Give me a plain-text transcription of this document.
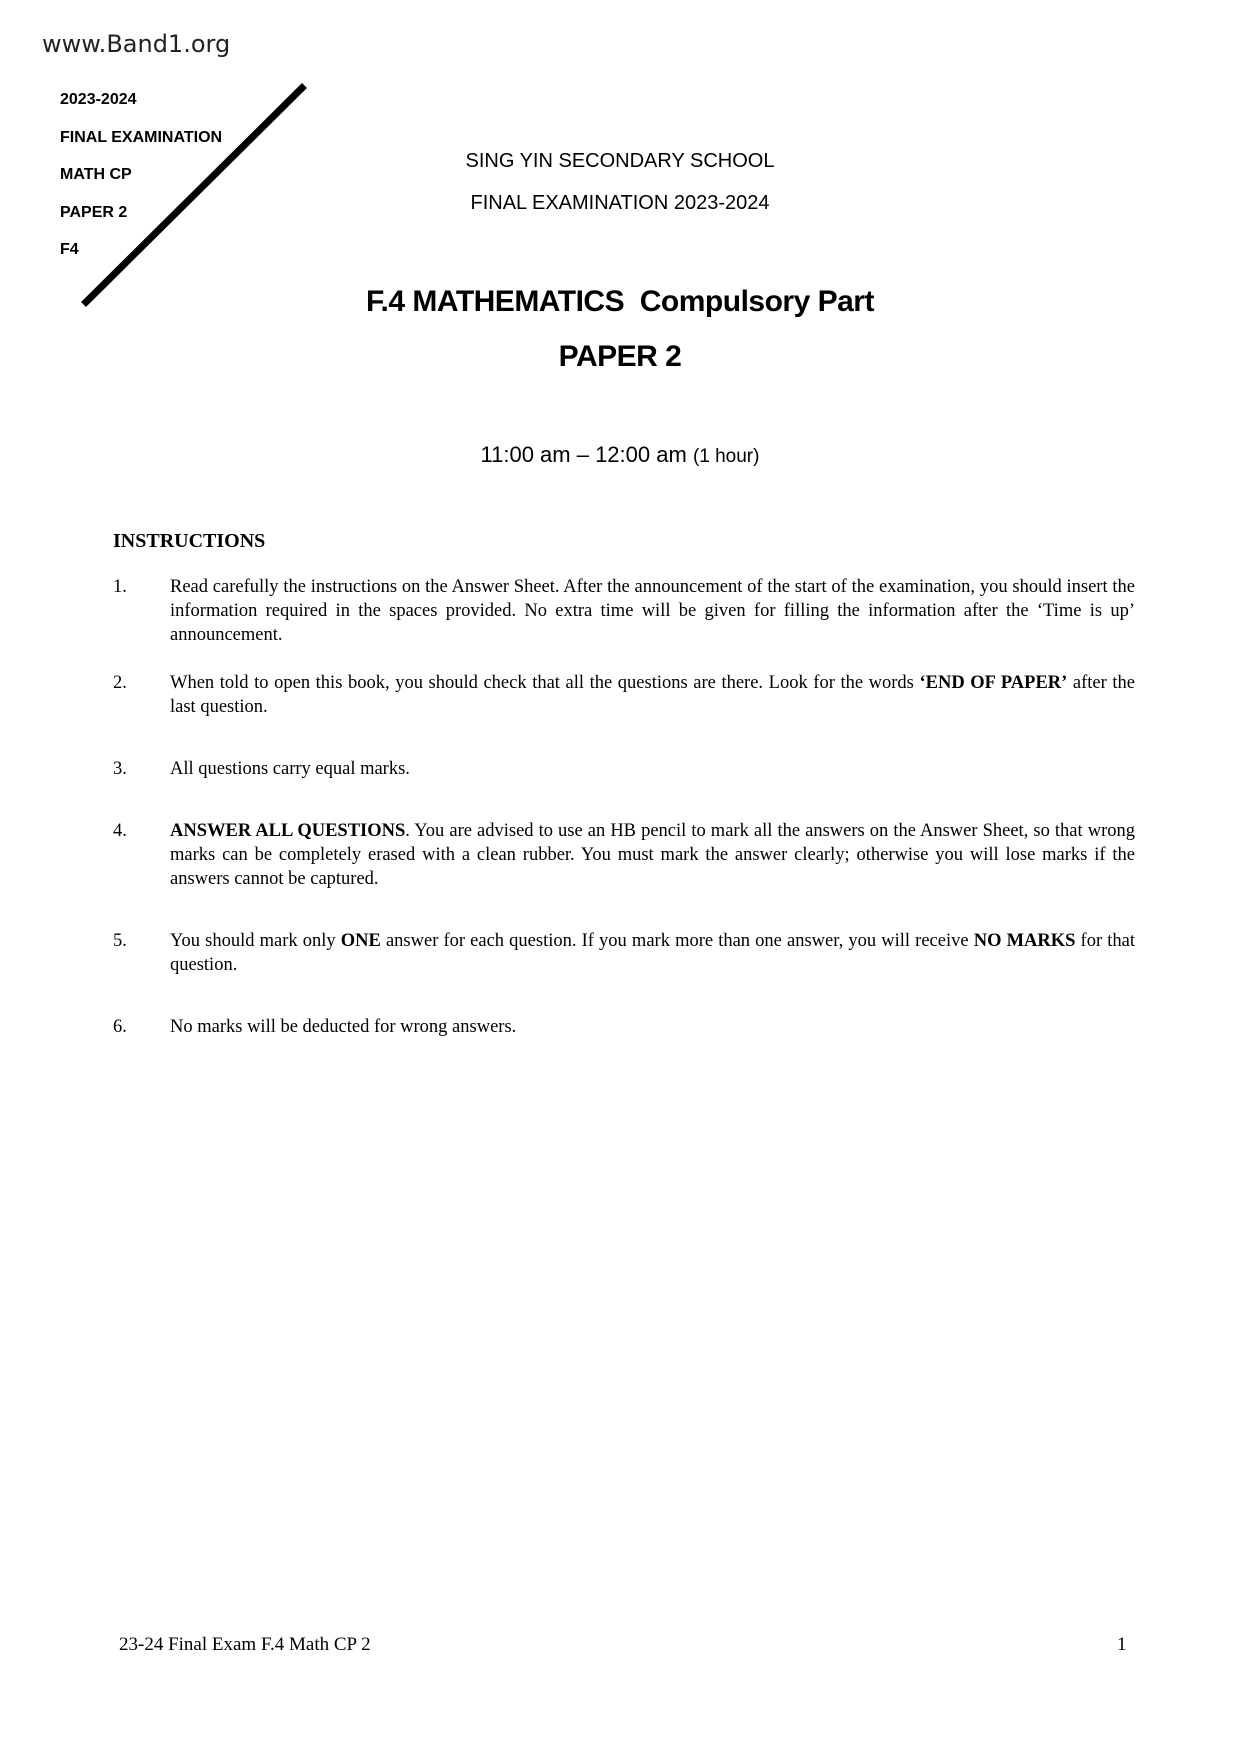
www.Band1.org
2023-2024
FINAL EXAMINATION
MATH CP
PAPER 2
F4
SING YIN SECONDARY SCHOOL
FINAL EXAMINATION 2023-2024
F.4 MATHEMATICS  Compulsory Part
PAPER 2
11:00 am – 12:00 am (1 hour)
INSTRUCTIONS
1.	Read carefully the instructions on the Answer Sheet. After the announcement of the start of the examination, you should insert the information required in the spaces provided. No extra time will be given for filling the information after the ‘Time is up’ announcement.
2.	When told to open this book, you should check that all the questions are there. Look for the words ‘END OF PAPER’ after the last question.
3.	All questions carry equal marks.
4.	ANSWER ALL QUESTIONS. You are advised to use an HB pencil to mark all the answers on the Answer Sheet, so that wrong marks can be completely erased with a clean rubber. You must mark the answer clearly; otherwise you will lose marks if the answers cannot be captured.
5.	You should mark only ONE answer for each question. If you mark more than one answer, you will receive NO MARKS for that question.
6.	No marks will be deducted for wrong answers.
23-24 Final Exam F.4 Math CP 2	1
